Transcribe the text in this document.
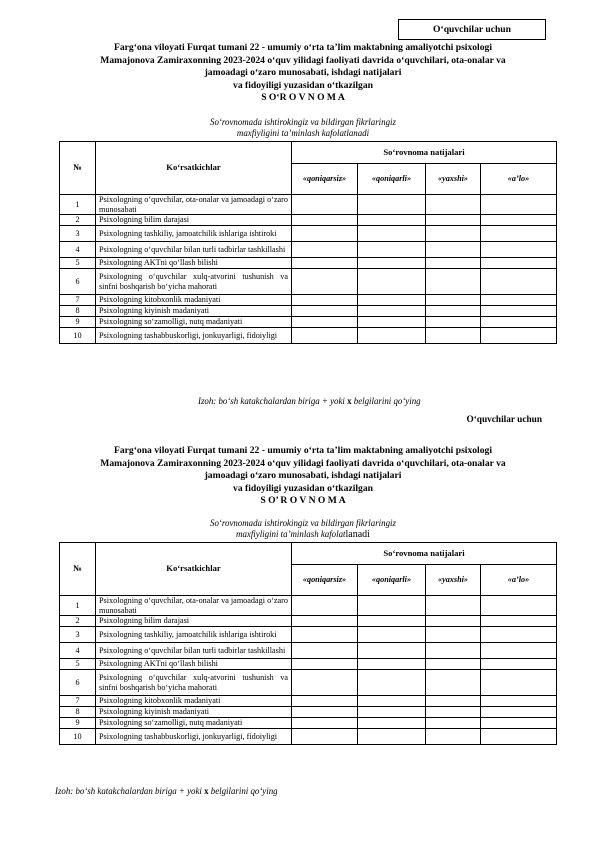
O‘quvchilar uchun
Farg‘ona viloyati Furqat tumani 22 - umumiy o‘rta ta’lim maktabning amaliyotchi psixologi
Mamajonova Zamiraxonning 2023-2024 o‘quv yilidagi faoliyati davrida o‘quvchilari, ota-onalar va
jamoadagi o‘zaro munosabati, ishdagi natijalari
va fidoyiligi yuzasidan o‘tkazilgan
S O‘R O V N O M A
So‘rovnomada ishtirokingiz va bildirgan fikrlaringiz
maxfiyligini ta’minlash kafolatlanadi
№	Ko‘rsatkichlar	So‘rovnoma natijalari			
		«qoniqarsiz»	«qoniqarli»	«yaxshi»	«a’lo»
1	Psixologning o‘quvchilar, ota-onalar va jamoadagi o‘zaro munosabati				
2	Psixologning bilim darajasi				
3	Psixologning tashkiliy, jamoatchilik ishlariga ishtiroki				
4	Psixologning o‘quvchilar bilan turli tadbirlar tashkillashi				
5	Psixologning AKTni qo‘llash bilishi				
6	Psixologning o‘quvchilar xulq-atvorini tushunish va sinfni boshqarish bo‘yicha mahorati				
7	Psixologning kitobxonlik madaniyati				
8	Psixologning kiyinish madaniyati				
9	Psixologning so‘zamolligi, nutq madaniyati				
10	Psixologning tashabbuskorligi, jonkuyarligi, fidoiyligi				
Izoh: bo‘sh katakchalardan biriga + yoki x belgilarini qo‘ying
O‘quvchilar uchun
Farg‘ona viloyati Furqat tumani 22 - umumiy o‘rta ta’lim maktabning amaliyotchi psixologi
Mamajonova Zamiraxonning 2023-2024 o‘quv yilidagi faoliyati davrida o‘quvchilari, ota-onalar va
jamoadagi o‘zaro munosabati, ishdagi natijalari
va fidoyiligi yuzasidan o‘tkazilgan
S O’ R O V N O M A
So‘rovnomada ishtirokingiz va bildirgan fikrlaringiz
maxfiyligini ta’minlash kafolatlanadi
№	Ko‘rsatkichlar	So‘rovnoma natijalari			
		«qoniqarsiz»	«qoniqarli»	«yaxshi»	«a’lo»
1	Psixologning o‘quvchilar, ota-onalar va jamoadagi o‘zaro munosabati				
2	Psixologning bilim darajasi				
3	Psixologning tashkiliy, jamoatchilik ishlariga ishtiroki				
4	Psixologning o‘quvchilar bilan turli tadbirlar tashkillashi				
5	Psixologning AKTni qo‘llash bilishi				
6	Psixologning o‘quvchilar xulq-atvorini tushunish va sinfni boshqarish bo‘yicha mahorati				
7	Psixologning kitobxonlik madaniyati				
8	Psixologning kiyinish madaniyati				
9	Psixologning so‘zamolligi, nutq madaniyati				
10	Psixologning tashabbuskorligi, jonkuyarligi, fidoiyligi				
Izoh: bo‘sh katakchalardan biriga + yoki x belgilarini qo‘ying
